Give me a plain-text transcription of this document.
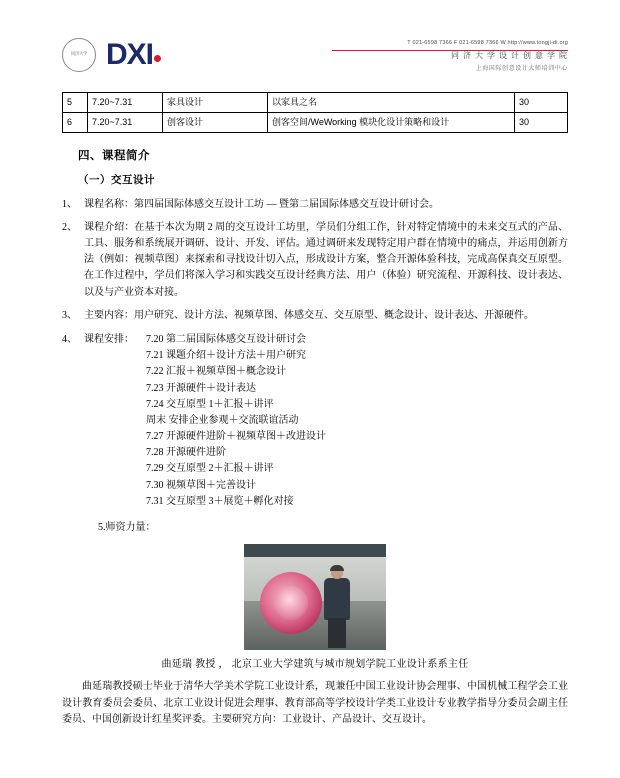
同济大学 DXI	T 021-6598 7366 F 021-6598 7366 W http://www.tongji-di.org
同 济 大 学 设 计 创 意 学 院
上海国际创意设计大师培训中心
5	7.20~7.31	家具设计	以家具之名	30
6	7.20~7.31	创客设计	创客空间/WeWorking 模块化设计策略和设计	30
四、课程简介
（一）交互设计
1、 课程名称：第四届国际体感交互设计工坊 — 暨第二届国际体感交互设计研讨会。
2、 课程介绍：在基于本次为期 2 周的交互设计工坊里，学员们分组工作，针对特定情境中的未来交互式的产品、工具、服务和系统展开调研、设计、开发、评估。通过调研来发现特定用户群在情境中的痛点，并运用创新方法（例如：视频草图）来探索和寻找设计切入点，形成设计方案，整合开源体验科技，完成高保真交互原型。在工作过程中，学员们将深入学习和实践交互设计经典方法、用户（体验）研究流程、开源科技、设计表达、以及与产业资本对接。
3、 主要内容：用户研究、设计方法、视频草图、体感交互、交互原型、概念设计、设计表达、开源硬件。
4、 课程安排：	7.20 第二届国际体感交互设计研讨会
7.21 课题介绍＋设计方法＋用户研究
7.22 汇报＋视频草图＋概念设计
7.23 开源硬件＋设计表达
7.24 交互原型 1＋汇报＋讲评
周末 安排企业参观＋交流联谊活动
7.27 开源硬件进阶＋视频草图＋改进设计
7.28 开源硬件进阶
7.29 交互原型 2＋汇报＋讲评
7.30 视频草图＋完善设计
7.31 交互原型 3＋展览＋孵化对接
5.师资力量：
曲延瑞 教授 ， 北京工业大学建筑与城市规划学院工业设计系系主任
曲延瑞教授硕士毕业于清华大学美术学院工业设计系，现兼任中国工业设计协会理事、中国机械工程学会工业设计教育委员会委员、北京工业设计促进会理事、教育部高等学校设计学类工业设计专业教学指导分委员会副主任委员、中国创新设计红星奖评委。主要研究方向：工业设计、产品设计、交互设计。
